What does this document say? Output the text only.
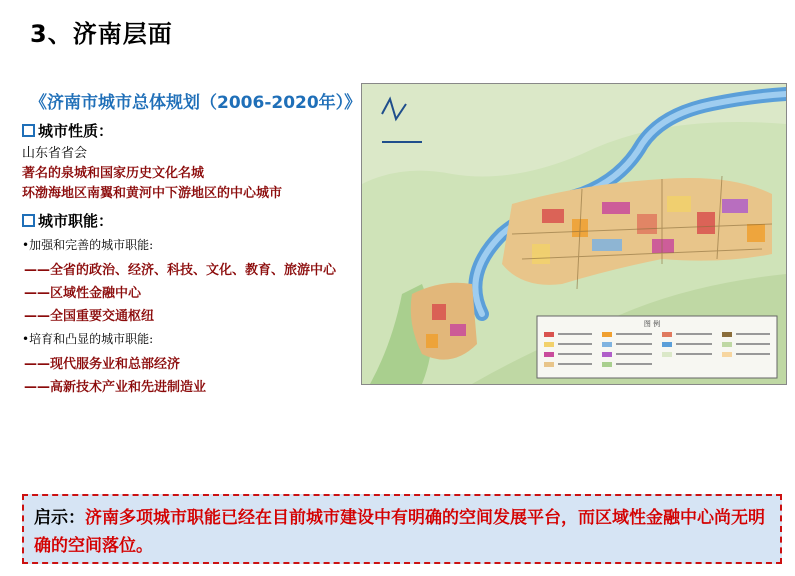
3、济南层面
《济南市城市总体规划（2006-2020年）》
城市性质：
山东省省会
著名的泉城和国家历史文化名城
环渤海地区南翼和黄河中下游地区的中心城市
城市职能：
•加强和完善的城市职能:
——全省的政治、经济、科技、文化、教育、旅游中心
——区域性金融中心
——全国重要交通枢纽
•培育和凸显的城市职能:
——现代服务业和总部经济
——高新技术产业和先进制造业
图 例
启示：济南多项城市职能已经在目前城市建设中有明确的空间发展平台，而区域性金融中心尚无明确的空间落位。
